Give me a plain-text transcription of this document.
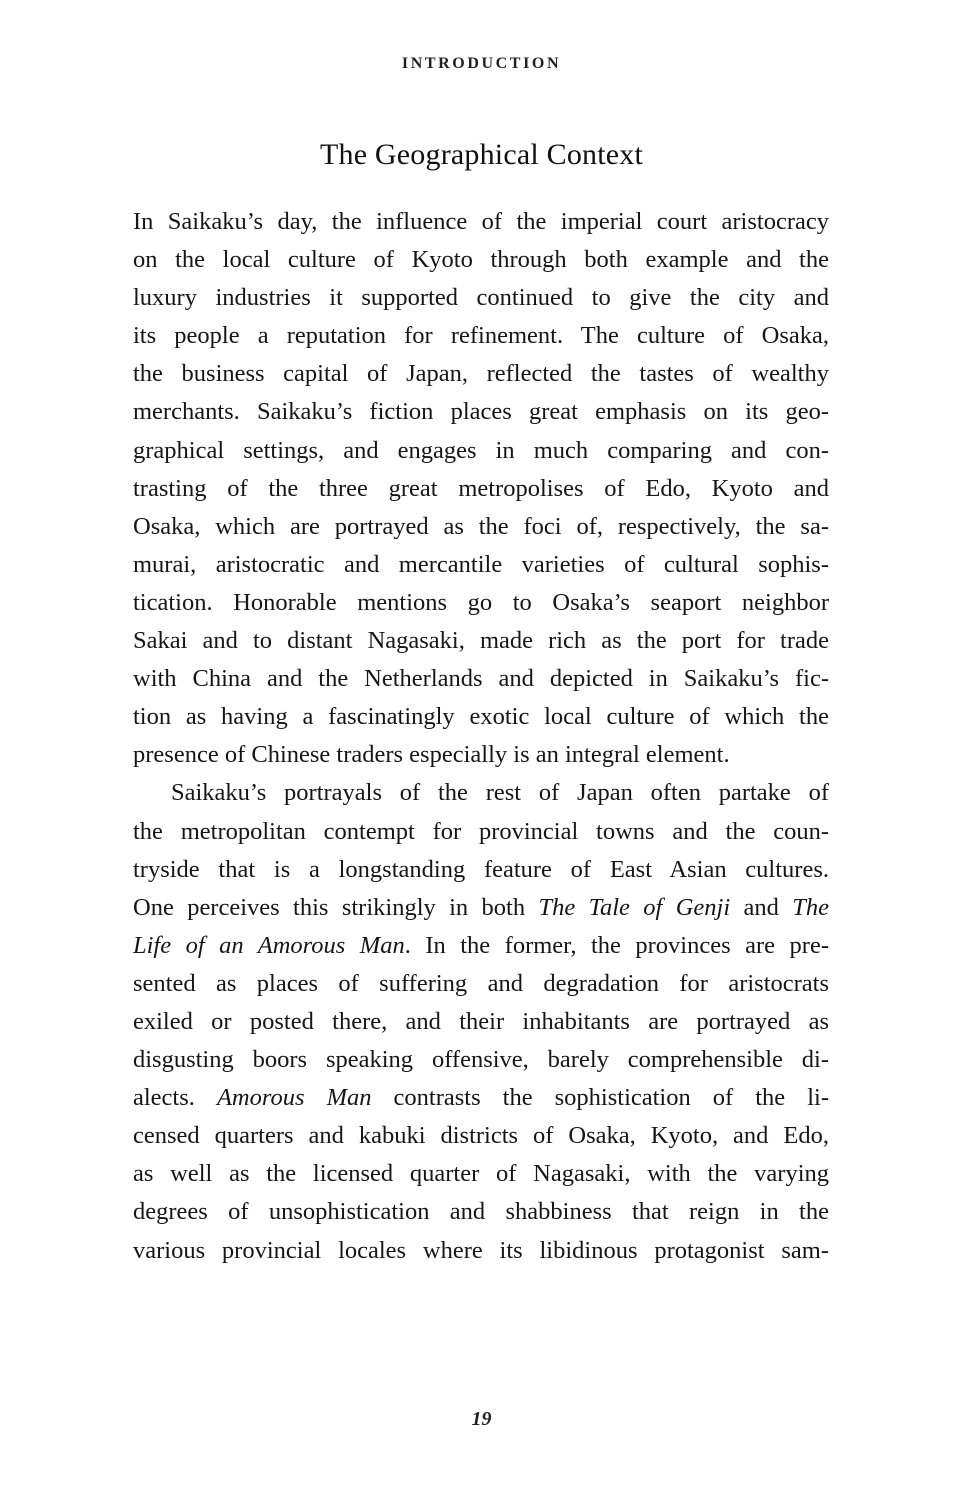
INTRODUCTION
The Geographical Context
In Saikaku’s day, the influence of the imperial court aristocracy
on the local culture of Kyoto through both example and the
luxury industries it supported continued to give the city and
its people a reputation for refinement. The culture of Osaka,
the business capital of Japan, reflected the tastes of wealthy
merchants. Saikaku’s fiction places great emphasis on its geo-
graphical settings, and engages in much comparing and con-
trasting of the three great metropolises of Edo, Kyoto and
Osaka, which are portrayed as the foci of, respectively, the sa-
murai, aristocratic and mercantile varieties of cultural sophis-
tication. Honorable mentions go to Osaka’s seaport neighbor
Sakai and to distant Nagasaki, made rich as the port for trade
with China and the Netherlands and depicted in Saikaku’s fic-
tion as having a fascinatingly exotic local culture of which the
presence of Chinese traders especially is an integral element.
Saikaku’s portrayals of the rest of Japan often partake of
the metropolitan contempt for provincial towns and the coun-
tryside that is a longstanding feature of East Asian cultures.
One perceives this strikingly in both The Tale of Genji and The
Life of an Amorous Man. In the former, the provinces are pre-
sented as places of suffering and degradation for aristocrats
exiled or posted there, and their inhabitants are portrayed as
disgusting boors speaking offensive, barely comprehensible di-
alects. Amorous Man contrasts the sophistication of the li-
censed quarters and kabuki districts of Osaka, Kyoto, and Edo,
as well as the licensed quarter of Nagasaki, with the varying
degrees of unsophistication and shabbiness that reign in the
various provincial locales where its libidinous protagonist sam-
19
